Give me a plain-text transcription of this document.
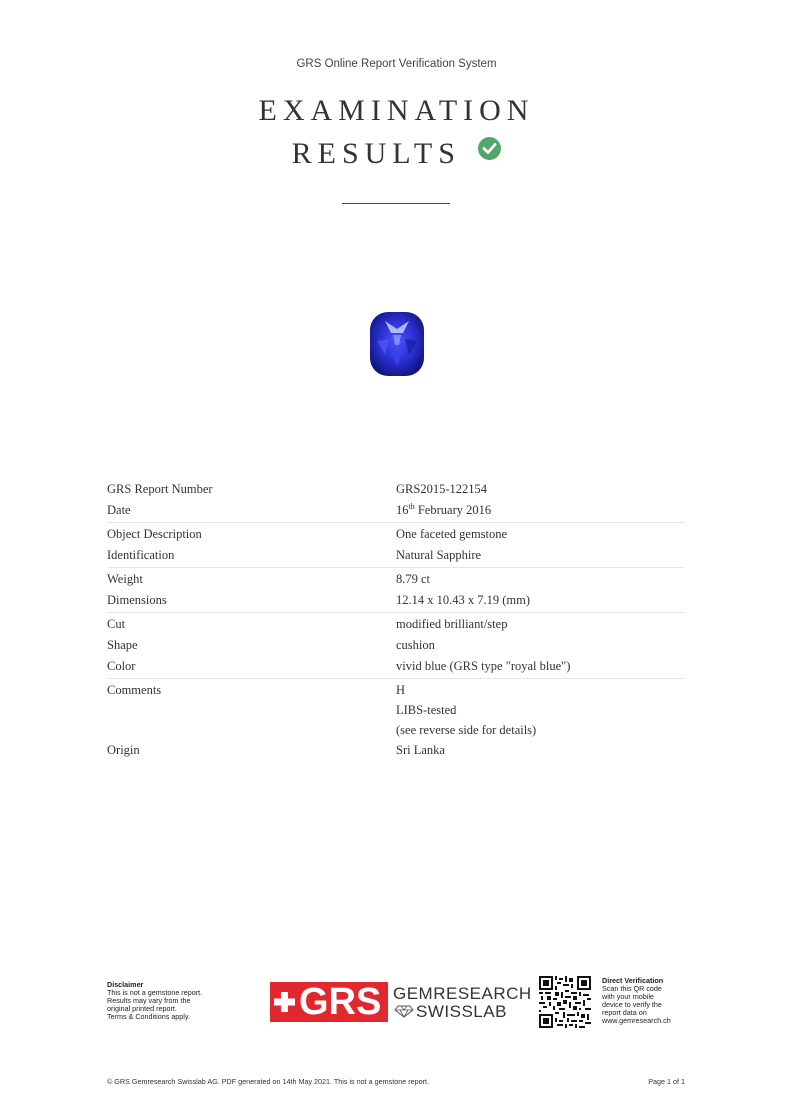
GRS Online Report Verification System
EXAMINATION
RESULTS
GRS Report Number	GRS2015-122154
Date	16th February 2016
Object Description	One faceted gemstone
Identification	Natural Sapphire
Weight	8.79 ct
Dimensions	12.14 x 10.43 x 7.19 (mm)
Cut	modified brilliant/step
Shape	cushion
Color	vivid blue (GRS type "royal blue")
Comments	H
LIBS-tested
(see reverse side for details)
Origin	Sri Lanka
Disclaimer
This is not a gemstone report.
Results may vary from the
original printed report.
Terms & Conditions apply.	GRS GEMRESEARCH
SWISSLAB
Direct Verification
Scan this QR code
with your mobile
device to verify the
report data on
www.gemresearch.ch
© GRS Gemresearch Swisslab AG. PDF generated on 14th May 2021. This is not a gemstone report.	Page 1 of 1
